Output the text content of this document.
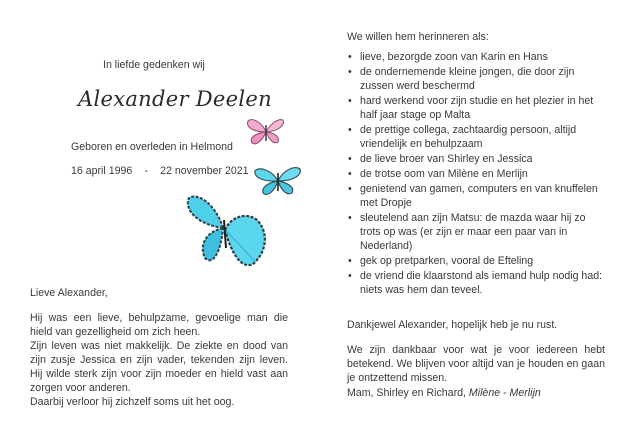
In liefde gedenken wij
Alexander Deelen
Geboren en overleden in Helmond
16 april 1996 - 22 november 2021

Lieve Alexander,

Hij was een lieve, behulpzame, gevoelige man die hield van gezelligheid om zich heen.

Zijn leven was niet makkelijk. De ziekte en dood van zijn zusje Jessica en zijn vader, tekenden zijn leven. Hij wilde sterk zijn voor zijn moeder en hield vast aan zorgen voor anderen.

Daarbij verloor hij zichzelf soms uit het oog.

We willen hem herinneren als:

• lieve, bezorgde zoon van Karin en Hans
• de ondernemende kleine jongen, die door zijn zussen werd beschermd
• hard werkend voor zijn studie en het plezier in het half jaar stage op Malta
• de prettige collega, zachtaardig persoon, altijd vriendelijk en behulpzaam
• de lieve broer van Shirley en Jessica
• de trotse oom van Milène en Merlijn
• genietend van gamen, computers en van knuffelen met Dropje
• sleutelend aan zijn Matsu: de mazda waar hij zo trots op was (er zijn er maar een paar van in Nederland)
• gek op pretparken, vooral de Efteling
• de vriend die klaarstond als iemand hulp nodig had: niets was hem dan teveel.
Dankjewel Alexander, hopelijk heb je nu rust.
We zijn dankbaar voor wat je voor iedereen hebt betekend. We blijven voor altijd van je houden en gaan je ontzettend missen.
Mam, Shirley en Richard, Milène - Merlijn
